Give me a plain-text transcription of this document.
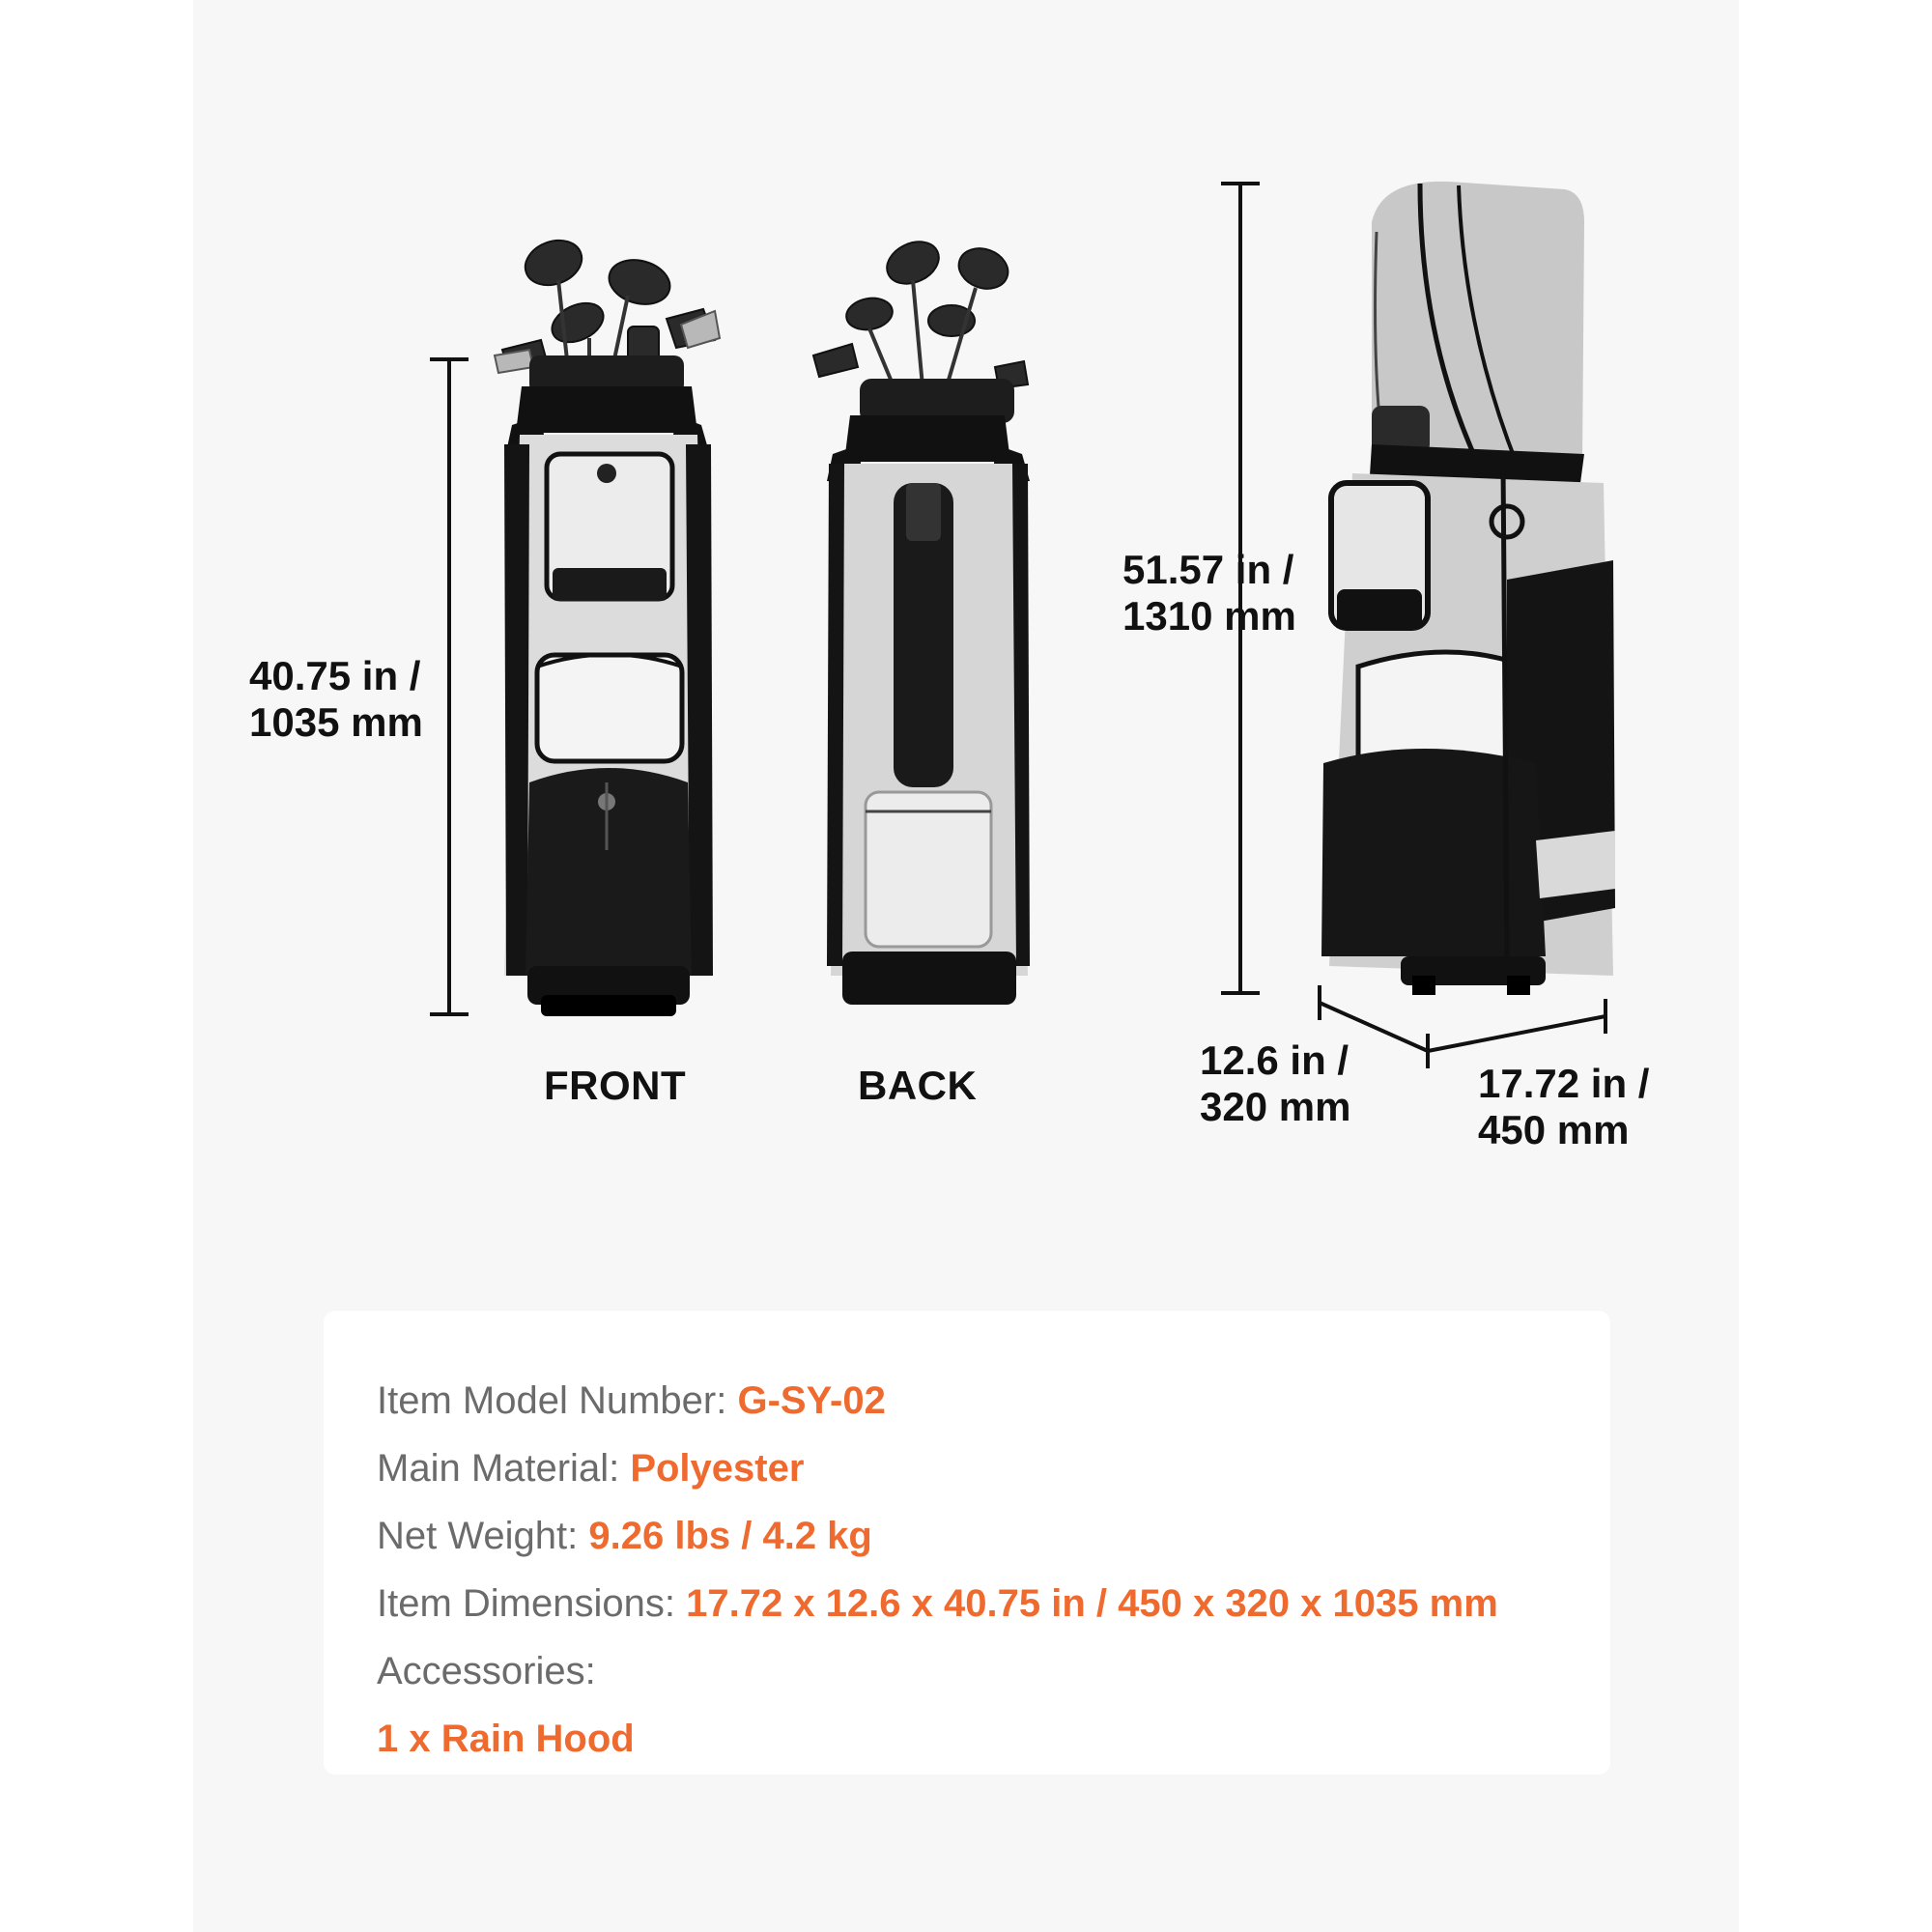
40.75 in /
1035 mm
51.57 in /
1310 mm
12.6 in /
320 mm
17.72 in /
450 mm
FRONT	BACK
Item Model Number: G-SY-02
Main Material: Polyester
Net Weight: 9.26 lbs / 4.2 kg
Item Dimensions: 17.72 x 12.6 x 40.75 in / 450 x 320 x 1035 mm
Accessories:
1 x Rain Hood
